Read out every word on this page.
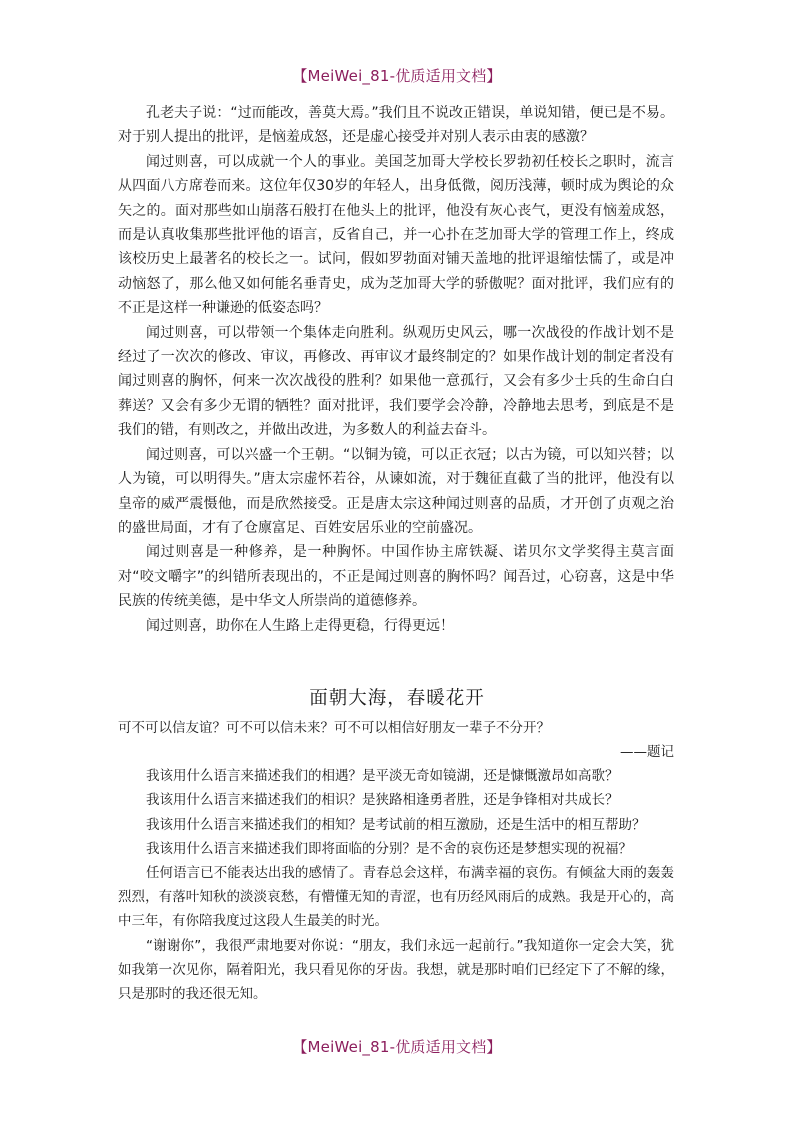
【MeiWei_81-优质适用文档】

孔老夫子说：“过而能改，善莫大焉。”我们且不说改正错误，单说知错，便已是不易。对于别人提出的批评，是恼羞成怒，还是虚心接受并对别人表示由衷的感激？

闻过则喜，可以成就一个人的事业。美国芝加哥大学校长罗勃初任校长之职时，流言从四面八方席卷而来。这位年仅30岁的年轻人，出身低微，阅历浅薄，顿时成为舆论的众矢之的。面对那些如山崩落石般打在他头上的批评，他没有灰心丧气，更没有恼羞成怒，而是认真收集那些批评他的语言，反省自己，并一心扑在芝加哥大学的管理工作上，终成该校历史上最著名的校长之一。试问，假如罗勃面对铺天盖地的批评退缩怯懦了，或是冲动恼怒了，那么他又如何能名垂青史，成为芝加哥大学的骄傲呢？面对批评，我们应有的不正是这样一种谦逊的低姿态吗？

闻过则喜，可以带领一个集体走向胜利。纵观历史风云，哪一次战役的作战计划不是经过了一次次的修改、审议，再修改、再审议才最终制定的？如果作战计划的制定者没有闻过则喜的胸怀，何来一次次战役的胜利？如果他一意孤行，又会有多少士兵的生命白白葬送？又会有多少无谓的牺牲？面对批评，我们要学会冷静，冷静地去思考，到底是不是我们的错，有则改之，并做出改进，为多数人的利益去奋斗。

闻过则喜，可以兴盛一个王朝。“以铜为镜，可以正衣冠；以古为镜，可以知兴替；以人为镜，可以明得失。”唐太宗虚怀若谷，从谏如流，对于魏征直截了当的批评，他没有以皇帝的威严震慑他，而是欣然接受。正是唐太宗这种闻过则喜的品质，才开创了贞观之治的盛世局面，才有了仓廪富足、百姓安居乐业的空前盛况。

闻过则喜是一种修养，是一种胸怀。中国作协主席铁凝、诺贝尔文学奖得主莫言面对“咬文嚼字”的纠错所表现出的，不正是闻过则喜的胸怀吗？闻吾过，心窃喜，这是中华民族的传统美德，是中华文人所崇尚的道德修养。

闻过则喜，助你在人生路上走得更稳，行得更远！

面朝大海，春暖花开

可不可以信友谊？可不可以信未来？可不可以相信好朋友一辈子不分开？

——题记

我该用什么语言来描述我们的相遇？是平淡无奇如镜湖，还是慷慨激昂如高歌？

我该用什么语言来描述我们的相识？是狭路相逢勇者胜，还是争锋相对共成长？

我该用什么语言来描述我们的相知？是考试前的相互激励，还是生活中的相互帮助？

我该用什么语言来描述我们即将面临的分别？是不舍的哀伤还是梦想实现的祝福？

任何语言已不能表达出我的感情了。青春总会这样，布满幸福的哀伤。有倾盆大雨的轰轰烈烈，有落叶知秋的淡淡哀愁，有懵懂无知的青涩，也有历经风雨后的成熟。我是开心的，高中三年，有你陪我度过这段人生最美的时光。

“谢谢你”，我很严肃地要对你说：“朋友，我们永远一起前行。”我知道你一定会大笑，犹如我第一次见你，隔着阳光，我只看见你的牙齿。我想，就是那时咱们已经定下了不解的缘，只是那时的我还很无知。

【MeiWei_81-优质适用文档】
